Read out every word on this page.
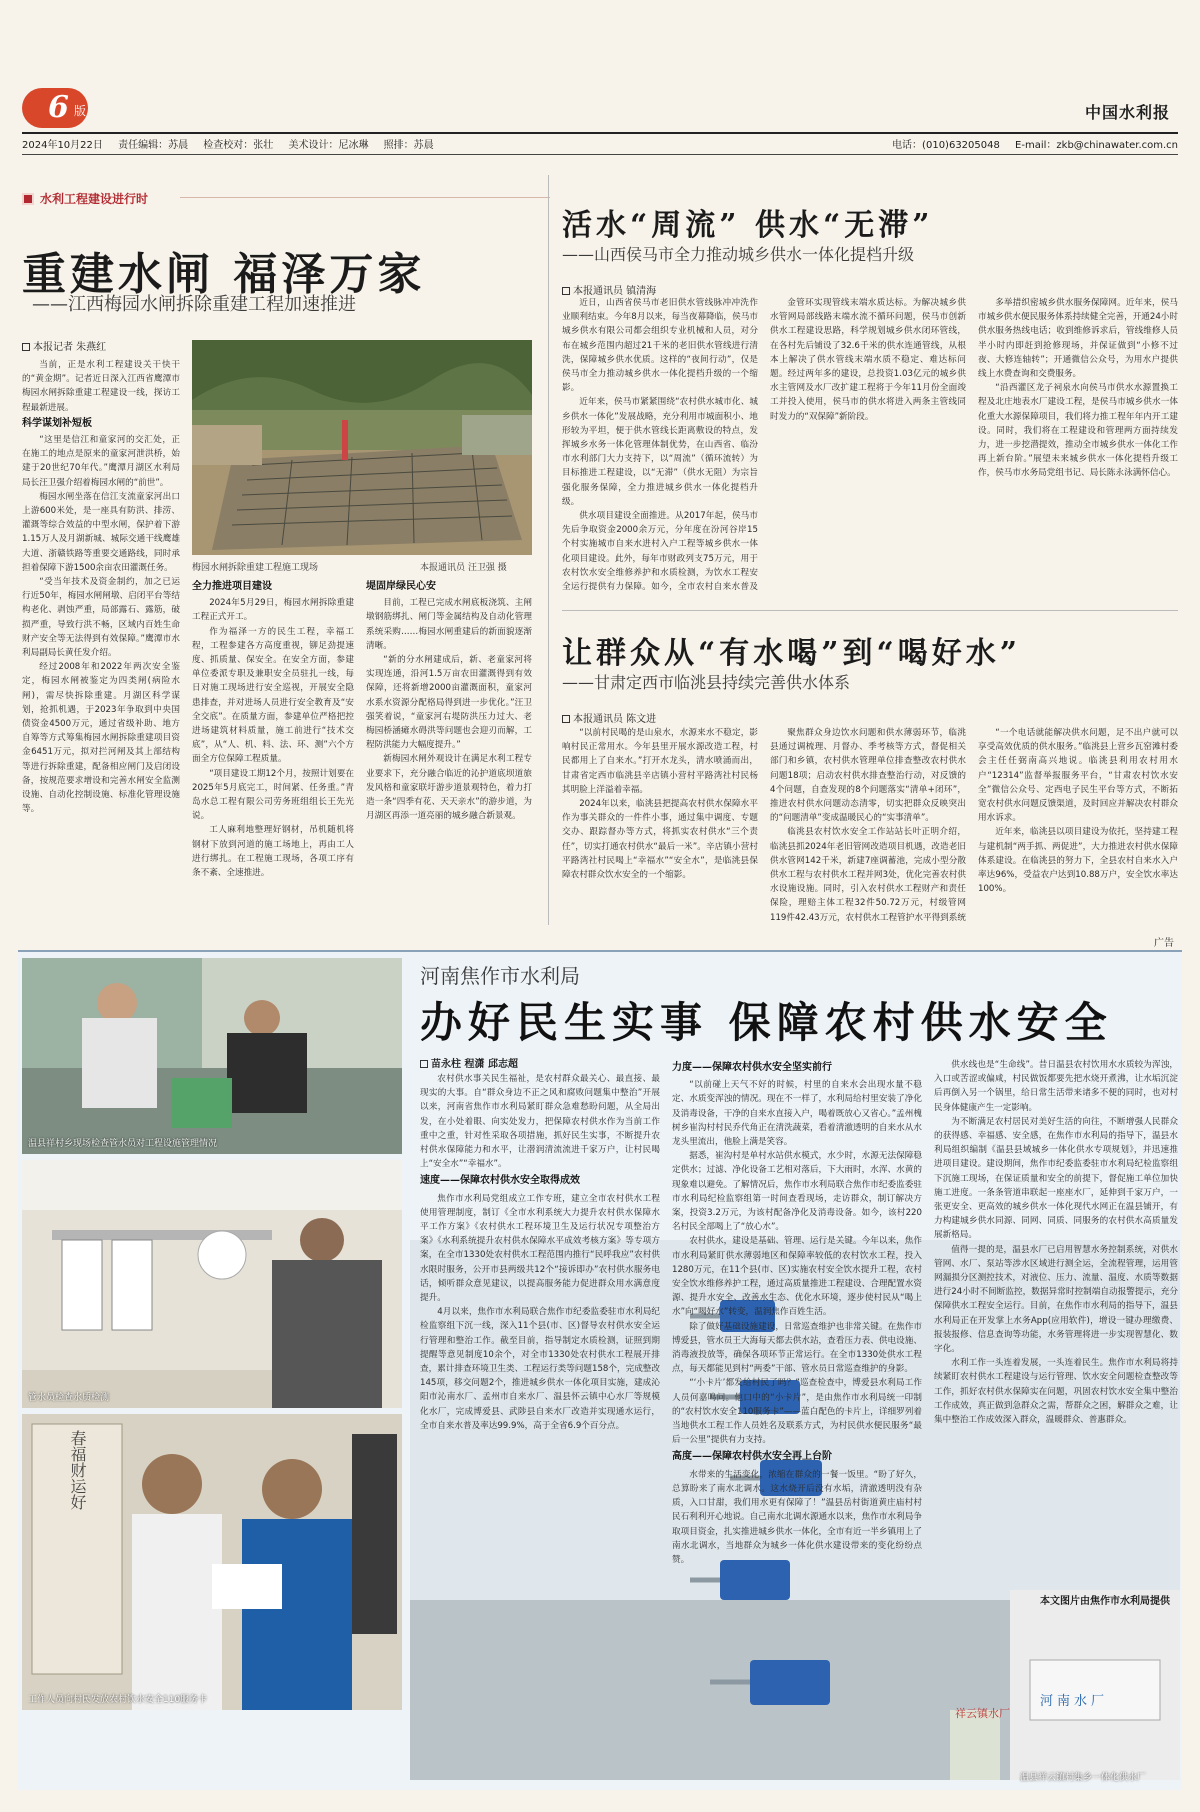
6 版	中国水利报
2024年10月22日 责任编辑：苏晨 检查校对：张壮 美术设计：尼冰琳 照排：苏晨	电话：(010)63205048 E-mail：zkb@chinawater.com.cn
水利工程建设进行时
重建水闸 福泽万家
——江西梅园水闸拆除重建工程加速推进
本报记者 朱燕红

当前，正是水利工程建设关干快干的“黄金期”。记者近日深入江西省鹰潭市梅园水闸拆除重建工程建设一线，探访工程最新进展。

科学谋划补短板

“这里是信江和童家河的交汇处，正在施工的地点是原来的童家河泄洪桥，始建于20世纪70年代。”鹰潭月湖区水利局局长汪卫强介绍着梅园水闸的“前世”。

梅园水闸坐落在信江支流童家河出口上游600米处，是一座具有防洪、排涝、灌溉等综合效益的中型水闸，保护着下游1.15万人及月湖新城、城际交通干线鹰雄大道、浙赣铁路等重要交通路线，同时承担着保障下游1500余亩农田灌溉任务。

“受当年技术及资金制约，加之已运行近50年，梅园水闸闸墩、启闭平台等结构老化、剥蚀严重，局部露石、露筋，破损严重，导致行洪不畅，区域内百姓生命财产安全等无法得到有效保障。”鹰潭市水利局副局长黄任发介绍。

经过2008年和2022年两次安全鉴定，梅园水闸被鉴定为四类闸(病险水闸)，需尽快拆除重建。月湖区科学谋划，抢抓机遇，于2023年争取到中央国债资金4500万元，通过省级补助、地方自筹等方式筹集梅园水闸拆除重建项目资金6451万元，拟对拦河闸及其上部结构等进行拆除重建，配备相应闸门及启闭设备，按规范要求增设和完善水闸安全监测设施、自动化控制设施、标准化管理设施等。

梅园水闸拆除重建工程施工现场	本报通讯员 汪卫强 摄

全力推进项目建设

2024年5月29日，梅园水闸拆除重建工程正式开工。

作为福泽一方的民生工程，幸福工程，工程参建各方高度重视，铆足劲提速度、抓质量、保安全。在安全方面，参建单位委派专职及兼职安全员驻扎一线，每日对施工现场进行安全巡视，开展安全隐患排查，并对进场人员进行安全教育及“安全交底”。在质量方面，参建单位严格把控进场建筑材料质量，施工前进行“技术交底”，从“人、机、料、法、环、测”六个方面全方位保障工程质量。

“项目建设工期12个月，按照计划要在2025年5月底完工，时间紧、任务重。”青岛水总工程有限公司劳务班组组长王先光说。

工人麻利地整理好钢材，吊机随机将钢材下放到河道的施工场地上，再由工人进行绑扎。在工程施工现场，各项工序有条不紊、全速推进。

堤固岸绿民心安

目前，工程已完成水闸底板浇筑、主闸墩钢筋绑扎、闸门等金属结构及自动化管理系统采购……梅园水闸重建后的新面貌逐渐清晰。

“新的分水闸建成后，新、老童家河将实现连通，沿河1.5万亩农田灌溉得到有效保障，还将新增2000亩灌溉面积，童家河水系水资源分配格局得到进一步优化。”汪卫强笑着说，“童家河右堤防洪压力过大、老梅园桥涵瘫水碍洪等问题也会迎刃而解，工程防洪能力大幅度提升。”

新梅园水闸外观设计在满足水利工程专业要求下，充分融合临近的沁护道底坝道旅发风格和童家联圩游步道景观特色，着力打造一条“四季有花、天天亲水”的游步道，为月湖区再添一道亮丽的城乡融合新景观。

活水“周流” 供水“无滞”
——山西侯马市全力推动城乡供水一体化提档升级
本报通讯员 镇清海

近日，山西省侯马市老旧供水管线脉冲冲洗作业顺利结束。今年8月以来，每当夜幕降临，侯马市城乡供水有限公司都会组织专业机械和人员，对分布在城乡范围内超过21千米的老旧供水管线进行清洗，保障城乡供水优质。这样的“夜间行动”，仅是侯马市全力推动城乡供水一体化提档升级的一个缩影。

近年来，侯马市紧紧围绕“农村供水城市化、城乡供水一体化”发展战略，充分利用市城面积小、地形较为平坦，便于供水管线长距离敷设的特点，发挥城乡水务一体化管理体制优势，在山西省、临汾市水利部门大力支持下，以“周流”（循环流转）为目标推进工程建设，以“无滞”（供水无阻）为宗旨强化服务保障，全力推进城乡供水一体化提档升级。

供水项目建设全面推进。从2017年起，侯马市先后争取资金2000余万元，分年度在汾河谷岸15个村实施城市自来水进村入户工程等城乡供水一体化项目建设。此外，每年市财政列支75万元，用于农村饮水安全维修养护和水质检测，为饮水工程安全运行提供有力保障。如今，全市农村自来水普及

金管环实现管线末端水质达标。为解决城乡供水管网局部线路末端水流不循环问题，侯马市创新供水工程建设思路，科学规划城乡供水闭环管线，在各村先后铺设了32.6千米的供水连通管线，从根本上解决了供水管线末端水质不稳定、难达标问题。经过两年多的建设，总投资1.03亿元的城乡供水主管网及水厂改扩建工程将于今年11月份全面竣工并投入使用，侯马市的供水将进入两条主管线同时发力的“双保障”新阶段。

多举措织密城乡供水服务保障网。近年来，侯马市城乡供水便民服务体系持续健全完善，开通24小时供水服务热线电话；收到维修诉求后，管线维修人员半小时内即赶到抢修现场，并保证做到“小修不过夜、大修连轴转”；开通微信公众号，为用水户提供线上水费查询和交费服务。

“沿西灌区龙子祠泉水向侯马市供水水源置换工程及北庄地表水厂建设工程，是侯马市城乡供水一体化重大水源保障项目，我们将力推工程年年内开工建设。同时，我们将在工程建设和管理两方面持续发力，进一步挖潜提效，推动全市城乡供水一体化工作再上新台阶。”展望未来城乡供水一体化提档升级工作，侯马市水务局党组书记、局长陈永泳满怀信心。

让群众从“有水喝”到“喝好水”
——甘肃定西市临洮县持续完善供水体系
本报通讯员 陈文进

“以前村民喝的是山泉水，水源来水不稳定，影响村民正常用水。今年县里开展水源改造工程，村民都用上了自来水。”打开水龙头，清水喷涌而出，甘肃省定西市临洮县辛店镇小营村平路湾社村民杨其明脸上洋溢着幸福。

2024年以来，临洮县把提高农村供水保障水平作为事关群众的一件件小事，通过集中调度、专题交办、跟踪督办等方式，将抓实农村供水“三个责任”，切实打通农村供水“最后一米”。辛店镇小营村平路湾社村民喝上“幸福水”“安全水”，是临洮县保障农村群众饮水安全的一个缩影。

聚焦群众身边饮水问题和供水薄弱环节，临洮县通过调梳理、月督办、季考核等方式，督促相关部门和乡镇，农村供水管理单位排查整改农村供水问题18项；启动农村供水排查整治行动，对反馈的4个问题，自查发现的8个问题落实“清单+闭环”，推进农村供水问题动态清零，切实把群众反映突出的“问题清单”变成温暖民心的“实事清单”。

临洮县农村饮水安全工作站站长叶正明介绍，临洮县抓2024年老旧管网改造项目机遇，改造老旧供水管网142千米，新建7座调蓄池，完成小型分散供水工程与农村供水工程并网3处，优化完善农村供水设施设施。同时，引入农村供水工程财产和责任保险，理赔主体工程32件50.72万元，村级管网119件42.43万元，农村供水工程管护水平得到系统

“一个电话就能解决供水问题，足不出户就可以享受高效优质的供水服务。”临洮县上营乡瓦窑滩村委会主任任弼南高兴地说。临洮县利用农村用水户“12314”监督举报服务平台，“甘肃农村饮水安全”微信公众号、定西电子民生平台等方式，不断拓宽农村供水问题反馈渠道，及时回应并解决农村群众用水诉求。

近年来，临洮县以项目建设为依托，坚持建工程与建机制“两手抓、两促进”，大力推进农村供水保障体系建设。在临洮县的努力下，全县农村自来水入户率达96%，受益农户达到10.88万户，安全饮水率达100%。

广告
温县祥村乡现场检查管水员对工程设施管理情况
管水员检查水质检测
工作人员向村民发放农村饮水安全110服务卡
春福财运好
祥云镇水厂
河南水厂
温县祥云镇村集乡一体化供水厂
河南焦作市水利局
办好民生实事 保障农村供水安全
苗永柱 程潇 邱志超

农村供水事关民生福祉，是农村群众最关心、最直接、最现实的大事。自“群众身边不正之风和腐败问题集中整治”开展以来，河南省焦作市水利局紧盯群众急难愁盼问题，从全局出发，在小处着眼、向实处发力，把保障农村供水作为当前工作重中之重，针对性采取各项措施，抓好民生实事，不断提升农村供水保障能力和水平，让潜润清流流进千家万户，让村民喝上“安全水”“幸福水”。

速度——保障农村供水安全取得成效

焦作市水利局党组成立工作专班，建立全市农村供水工程使用管理制度，制订《全市水利系统大力提升农村供水保障水平工作方案》《农村供水工程环境卫生及运行状况专项整治方案》《水利系统提升农村供水保障水平成效考核方案》等专项方案，在全市1330处农村供水工程范围内推行“民呼我应”农村供水限时服务，公开市县两级共12个“接诉即办”农村供水服务电话，倾听群众意见建议，以提高服务能力促进群众用水满意度提升。

4月以来，焦作市水利局联合焦作市纪委监委驻市水利局纪检监察组下沉一线，深入11个县(市、区)督导农村供水安全运行管理和整治工作。截至目前，指导制定水质检测，证照到期提醒等意见制度10余个，对全市1330处农村供水工程展开排查，累计排查环境卫生类、工程运行类等问题158个，完成整改145项，移交问题2个，推进城乡供水一体化项目实施，建成沁阳市沁南水厂、孟州市自来水厂、温县怀云镇中心水厂等规模化水厂，完成博爱县、武陟县自来水厂改造并实现通水运行，全市自来水普及率达99.9%，高于全省6.9个百分点。

力度——保障农村供水安全坚实前行

“以前碰上天气不好的时候，村里的自来水会出现水量不稳定、水质变浑浊的情况。现在不一样了，水利局给村里安装了净化及消毒设备，干净的自来水直接入户，喝着既放心又省心。”孟州槐树乡崔沟村村民乔代角正在清洗蔬菜，看着清澈透明的自来水从水龙头里流出，他脸上满是笑容。

据悉，崔沟村是单村水站供水模式，水少时，水源无法保障稳定供水；过滤、净化设备工艺相对落后，下大雨时，水浑、水黄的现象难以避免。了解情况后，焦作市水利局联合焦作市纪委监委驻市水利局纪检监察组第一时间查看现场，走访群众，制订解决方案，投资3.2万元，为该村配备净化及消毒设备。如今，该村220名村民全部喝上了“放心水”。

农村供水，建设是基础、管理、运行是关键。今年以来，焦作市水利局紧盯供水薄弱地区和保障率较低的农村饮水工程，投入1280万元，在11个县(市、区)实施农村安全饮水提升工程，农村安全饮水维修养护工程，通过高质量推进工程建设、合理配置水资源、提升水安全、改善水生态、优化水环境，逐步使村民从“喝上水”向“喝好水”转变，温润焦作百姓生活。

除了做好基础设施建设，日常巡查维护也非常关键。在焦作市博爱县，管水员王大海每天都去供水站，查看压力表、供电设施、消毒液投放等，确保各项环节正常运行。在全市1330处供水工程点，每天都能见到村“两委”干部、管水员日常巡查维护的身影。

“‘小卡片’都发给村民了吗？”巡查检查中，博爱县水利局工作人员何嘉鸣问。他口中的“小卡片”，是由焦作市水利局统一印制的“农村饮水安全110服务卡”——蓝白配色的卡片上，详细罗列着当地供水工程工作人员姓名及联系方式，为村民供水便民服务“最后一公里”提供有力支持。

高度——保障农村供水安全再上台阶

水带来的生活变化，浓缩在群众的一餐一饭里。“盼了好久，总算盼来了南水北调水。这水烧开后没有水垢，清澈透明没有杂质，入口甘甜，我们用水更有保障了！”温县岳村街道黄庄庙村村民石利利开心地说。自己南水北调水源通水以来，焦作市水利局争取项目资金，扎实推进城乡供水一体化，全市有近一半乡镇用上了南水北调水，当地群众为城乡一体化供水建设带来的变化纷纷点赞。

供水线也是“生命线”。昔日温县农村饮用水水质较为浑浊，入口或苦涩或偏咸，村民做饭都要先把水烧开煮沸，让水垢沉淀后再倒入另一个锅里，给日常生活带来诸多不便的同时，也对村民身体健康产生一定影响。

为不断满足农村居民对美好生活的向往，不断增强人民群众的获得感、幸福感、安全感，在焦作市水利局的指导下，温县水利局组织编制《温县县域城乡一体化供水专项规划》，并迅速推进项目建设。建设期间，焦作市纪委监委驻市水利局纪检监察组下沉施工现场，在保证质量和安全的前提下，督促施工单位加快施工进度。一条条管道串联起一座座水厂，延伸到千家万户，一张更安全、更高效的城乡供水一体化现代水网正在温县铺开，有力构建城乡供水同源、同网、同质、同服务的农村供水高质量发展新格局。

值得一提的是，温县水厂已启用智慧水务控制系统，对供水管网、水厂、泵站等涉水区域进行测全运，全流程管理，运用管网漏损分区测控技术，对液位、压力、流量、温度、水质等数据进行24小时不间断监控，数据异常时控制端自动报警提示，充分保障供水工程安全运行。目前，在焦作市水利局的指导下，温县水利局正在开发掌上水务App(应用软件)，增设一键办理缴费、报装报修、信息查询等功能，水务管理将进一步实现智慧化、数字化。

水利工作一头连着发展，一头连着民生。焦作市水利局将持续紧盯农村供水工程建设与运行管理、饮水安全问题检查整改等工作，抓好农村供水保障实在问题，巩固农村饮水安全集中整治工作成效，真正做到急群众之需，帮群众之困，解群众之难，让集中整治工作成效深入群众，温暖群众、普惠群众。

本文图片由焦作市水利局提供
